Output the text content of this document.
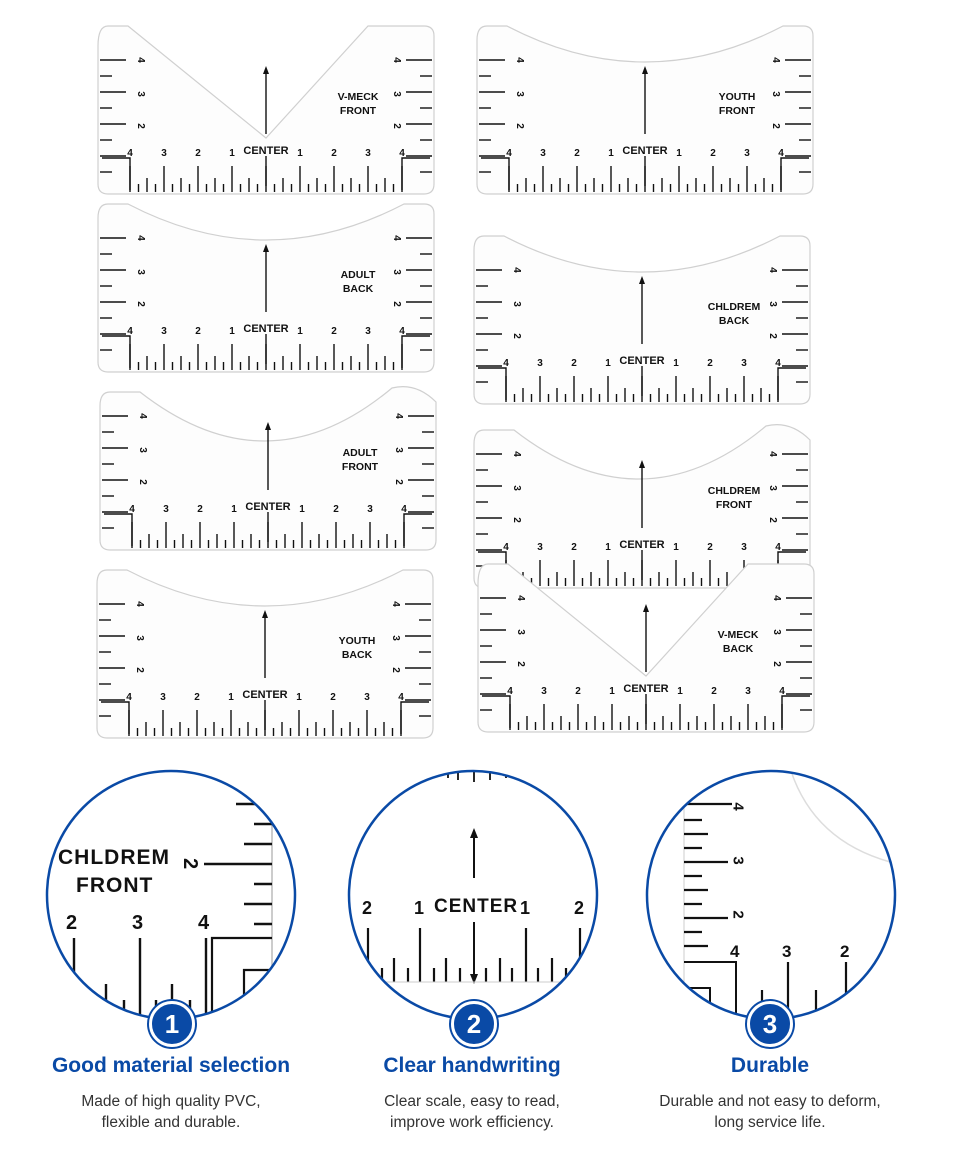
4	3	2	1	1	2	3	4
4
3
2
4
3
2
CENTER
V-MECK
FRONT
4	3	2	1	1	2	3	4
4
3
2
4
3
2
CENTER
YOUTH
FRONT
4	3	2	1	1	2	3	4
4
3
2
4
3
2
CENTER
ADULT
BACK
4	3	2	1	1	2	3	4
4
3
2
4
3
2
CENTER
CHLDREM
BACK
4	3	2	1	1	2	3	4
4
3
2
4
3
2
CENTER
ADULT
FRONT
4	3	2	1	1	2	3	4
4
3
2
4
3
2
CENTER
CHLDREM
FRONT
4	3	2	1	1	2	3	4
4
3
2
4
3
2
CENTER
YOUTH
BACK
4	3	2	1	1	2	3	4
4
3
2
4
3
2
CENTER
V-MECK
BACK
CHLDREM
FRONT
2
2	3	4
CENTER
2 1	1 2
4
3
2
4	3	2
1	2	3
Good material selection
Made of high quality PVC,
flexible and durable.
Clear handwriting
Clear scale, easy to read,
improve work efficiency.
Durable
Durable and not easy to deform,
long service life.
